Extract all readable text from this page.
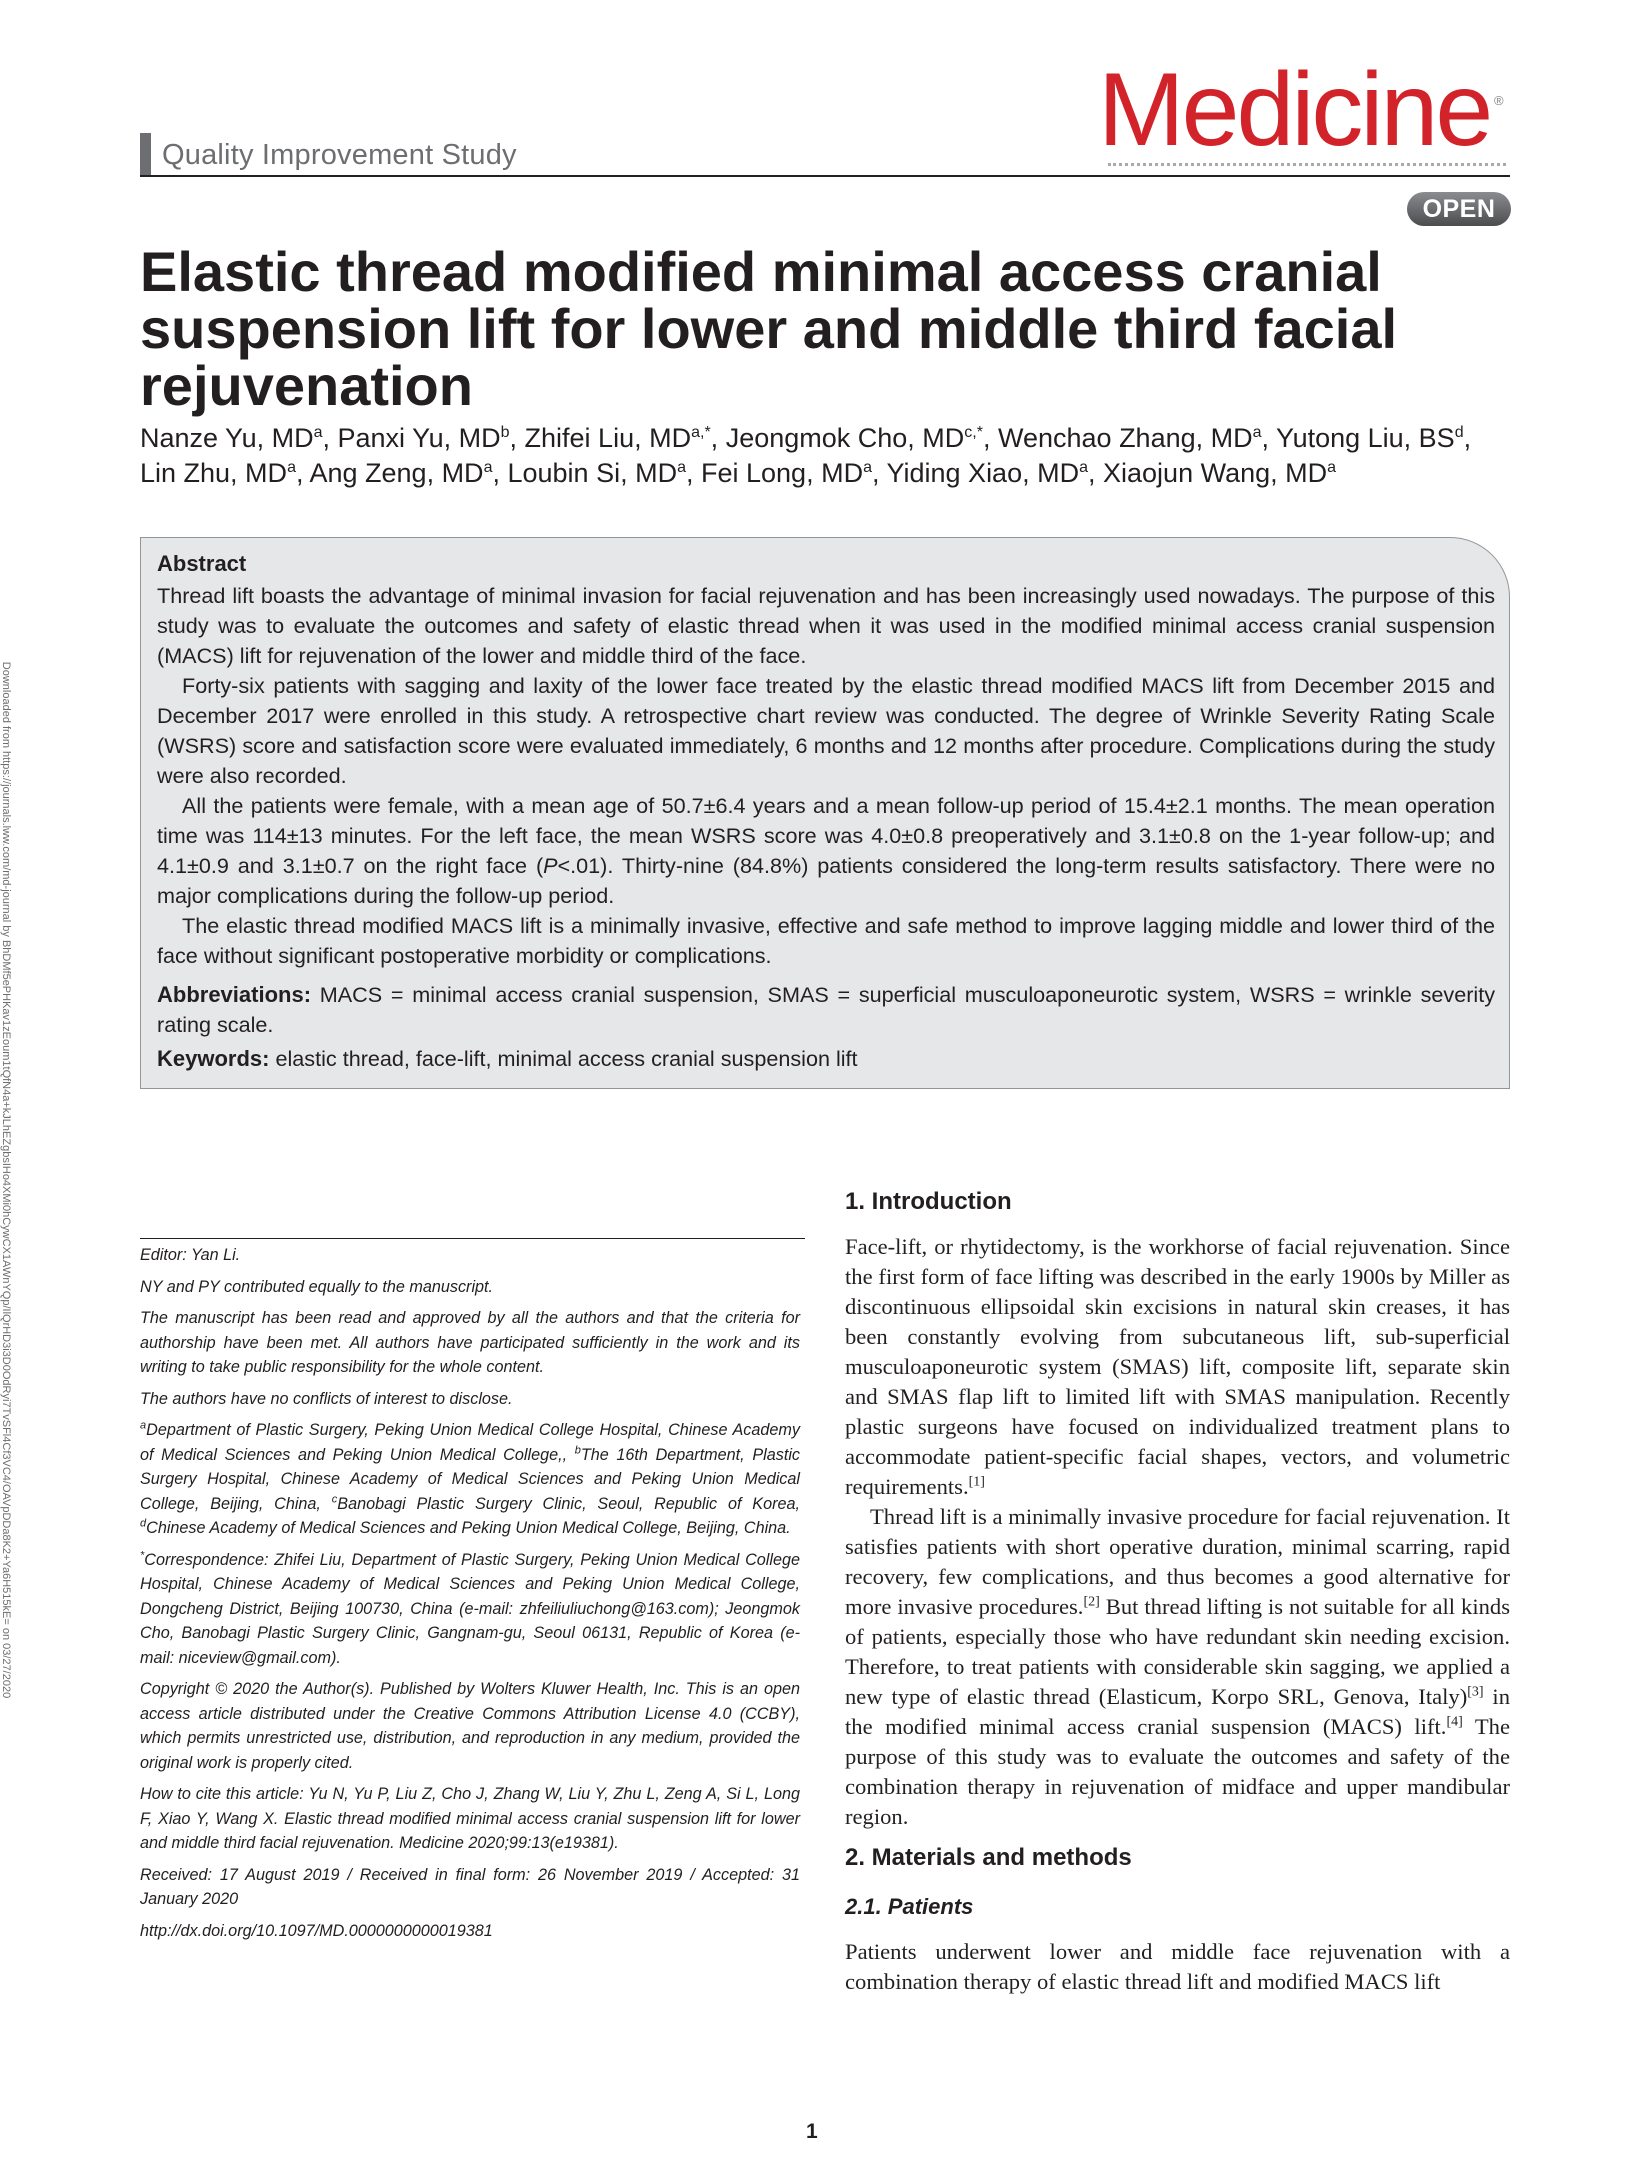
Quality Improvement Study	Medicine ®
OPEN
Elastic thread modified minimal access cranial suspension lift for lower and middle third facial rejuvenation
Nanze Yu, $MD^a$, Panxi Yu, $MD^b$, Zhifei Liu, $MD^{a,*}$, Jeongmok Cho, $MD^{c,*}$, Wenchao Zhang, $MD^a$, Yutong Liu, $BS^d$, Lin Zhu, $MD^a$, Ang Zeng, $MD^a$, Loubin Si, $MD^a$, Fei Long, $MD^a$, Yiding Xiao, $MD^a$, Xiaojun Wang, $MD^a$
Abstract

Thread lift boasts the advantage of minimal invasion for facial rejuvenation and has been increasingly used nowadays. The purpose of this study was to evaluate the outcomes and safety of elastic thread when it was used in the modified minimal access cranial suspension (MACS) lift for rejuvenation of the lower and middle third of the face.

Forty-six patients with sagging and laxity of the lower face treated by the elastic thread modified MACS lift from December 2015 and December 2017 were enrolled in this study. A retrospective chart review was conducted. The degree of Wrinkle Severity Rating Scale (WSRS) score and satisfaction score were evaluated immediately, 6 months and 12 months after procedure. Complications during the study were also recorded.

All the patients were female, with a mean age of 50.7±6.4 years and a mean follow-up period of 15.4±2.1 months. The mean operation time was 114±13 minutes. For the left face, the mean WSRS score was 4.0±0.8 preoperatively and 3.1±0.8 on the 1-year follow-up; and 4.1±0.9 and 3.1±0.7 on the right face (P<.01). Thirty-nine (84.8%) patients considered the long-term results satisfactory. There were no major complications during the follow-up period.

The elastic thread modified MACS lift is a minimally invasive, effective and safe method to improve lagging middle and lower third of the face without significant postoperative morbidity or complications.

Abbreviations: MACS = minimal access cranial suspension, SMAS = superficial musculoaponeurotic system, WSRS = wrinkle severity rating scale.

Keywords: elastic thread, face-lift, minimal access cranial suspension lift

Downloaded from https://journals.lww.com/md-journal by BhDMf5ePHKav1zEoum1tQfN4a+kJLhEZgbsIHo4XMi0hCywCX1AWnYQp/IlQrHD3i3D0OdRyi7TvSFl4Cf3VC4/OAVpDDa8K2+Ya6H515kE= on 03/27/2020	Editor: Yan Li.

NY and PY contributed equally to the manuscript.

The manuscript has been read and approved by all the authors and that the criteria for authorship have been met. All authors have participated sufficiently in the work and its writing to take public responsibility for the whole content.

The authors have no conflicts of interest to disclose.

$^a$Department of Plastic Surgery, Peking Union Medical College Hospital, Chinese Academy of Medical Sciences and Peking Union Medical College,, $^b$The 16th Department, Plastic Surgery Hospital, Chinese Academy of Medical Sciences and Peking Union Medical College, Beijing, China, $^c$Banobagi Plastic Surgery Clinic, Seoul, Republic of Korea, $^d$Chinese Academy of Medical Sciences and Peking Union Medical College, Beijing, China.

*Correspondence: Zhifei Liu, Department of Plastic Surgery, Peking Union Medical College Hospital, Chinese Academy of Medical Sciences and Peking Union Medical College, Dongcheng District, Beijing 100730, China (e-mail: zhfeiliuliuchong@163.com); Jeongmok Cho, Banobagi Plastic Surgery Clinic, Gangnam-gu, Seoul 06131, Republic of Korea (e-mail: niceview@gmail.com).

Copyright © 2020 the Author(s). Published by Wolters Kluwer Health, Inc. This is an open access article distributed under the Creative Commons Attribution License 4.0 (CCBY), which permits unrestricted use, distribution, and reproduction in any medium, provided the original work is properly cited.

How to cite this article: Yu N, Yu P, Liu Z, Cho J, Zhang W, Liu Y, Zhu L, Zeng A, Si L, Long F, Xiao Y, Wang X. Elastic thread modified minimal access cranial suspension lift for lower and middle third facial rejuvenation. Medicine 2020;99:13(e19381).

Received: 17 August 2019 / Received in final form: 26 November 2019 / Accepted: 31 January 2020

http://dx.doi.org/10.1097/MD.0000000000019381

1. Introduction

Face-lift, or rhytidectomy, is the workhorse of facial rejuvenation. Since the first form of face lifting was described in the early 1900s by Miller as discontinuous ellipsoidal skin excisions in natural skin creases, it has been constantly evolving from subcutaneous lift, sub-superficial musculoaponeurotic system (SMAS) lift, composite lift, separate skin and SMAS flap lift to limited lift with SMAS manipulation. Recently plastic surgeons have focused on individualized treatment plans to accommodate patient-specific facial shapes, vectors, and volumetric requirements.[1]

Thread lift is a minimally invasive procedure for facial rejuvenation. It satisfies patients with short operative duration, minimal scarring, rapid recovery, few complications, and thus becomes a good alternative for more invasive procedures.[2] But thread lifting is not suitable for all kinds of patients, especially those who have redundant skin needing excision. Therefore, to treat patients with considerable skin sagging, we applied a new type of elastic thread (Elasticum, Korpo SRL, Genova, Italy)[3] in the modified minimal access cranial suspension (MACS) lift.[4] The purpose of this study was to evaluate the outcomes and safety of the combination therapy in rejuvenation of midface and upper mandibular region.

2. Materials and methods
2.1. Patients

Patients underwent lower and middle face rejuvenation with a combination therapy of elastic thread lift and modified MACS lift

1
